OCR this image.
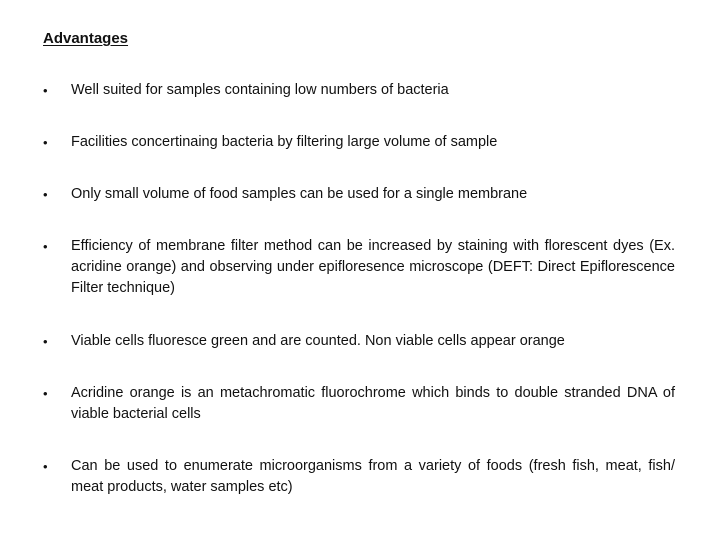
Advantages
•	Well suited for samples containing low numbers of bacteria
•	Facilities concertinaing bacteria by filtering large volume of sample
•	Only small volume of food samples can be used for a single membrane
•	Efficiency of membrane filter method can be increased by staining with florescent dyes (Ex. acridine orange) and observing under epifloresence microscope (DEFT: Direct Epiflorescence Filter technique)
•	Viable cells fluoresce green and are counted. Non viable cells appear orange
•	Acridine orange is an metachromatic fluorochrome which binds to double stranded DNA of viable bacterial cells
•	Can be used to enumerate microorganisms from a variety of foods (fresh fish, meat, fish/ meat products, water samples etc)
